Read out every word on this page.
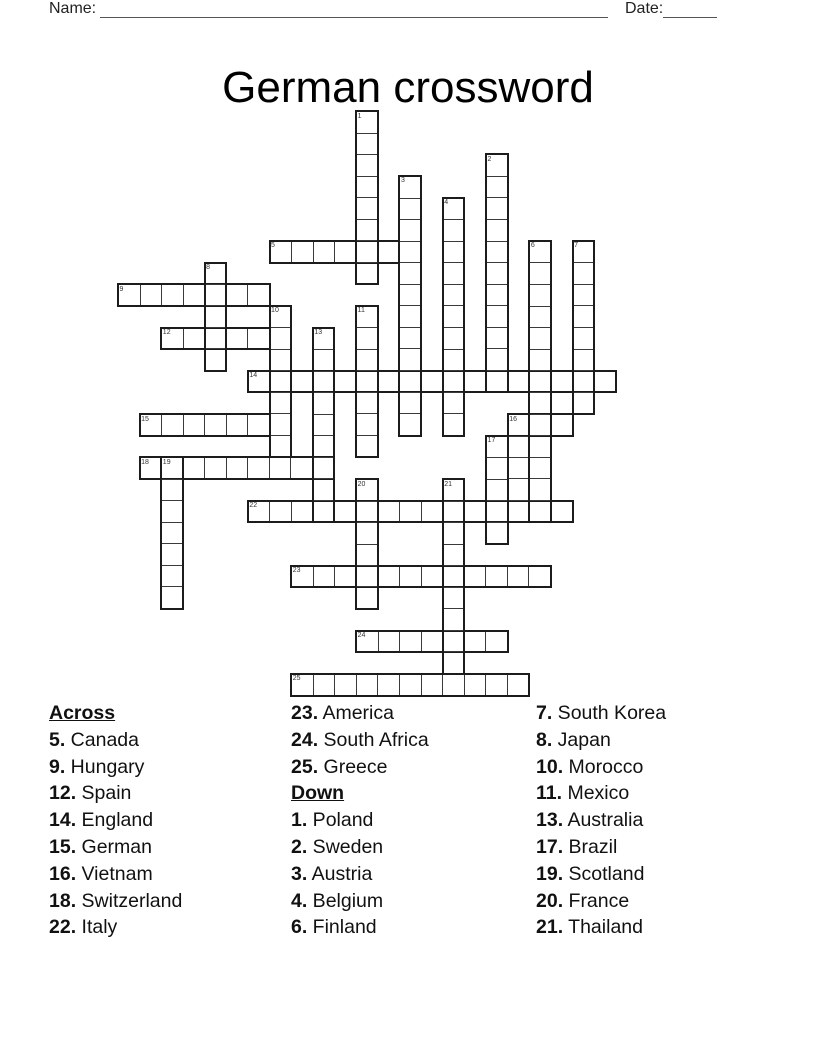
Name:	Date:
German crossword
1
2
3
4
5	6	7
8
9
10	11
12	13
14
15	16
17
18 19
20	21
22
23
24
25
Across
5. Canada
9. Hungary
12. Spain
14. England
15. German
16. Vietnam
18. Switzerland
22. Italy
23. America
24. South Africa
25. Greece
Down
1. Poland
2. Sweden
3. Austria
4. Belgium
6. Finland
7. South Korea
8. Japan
10. Morocco
11. Mexico
13. Australia
17. Brazil
19. Scotland
20. France
21. Thailand
